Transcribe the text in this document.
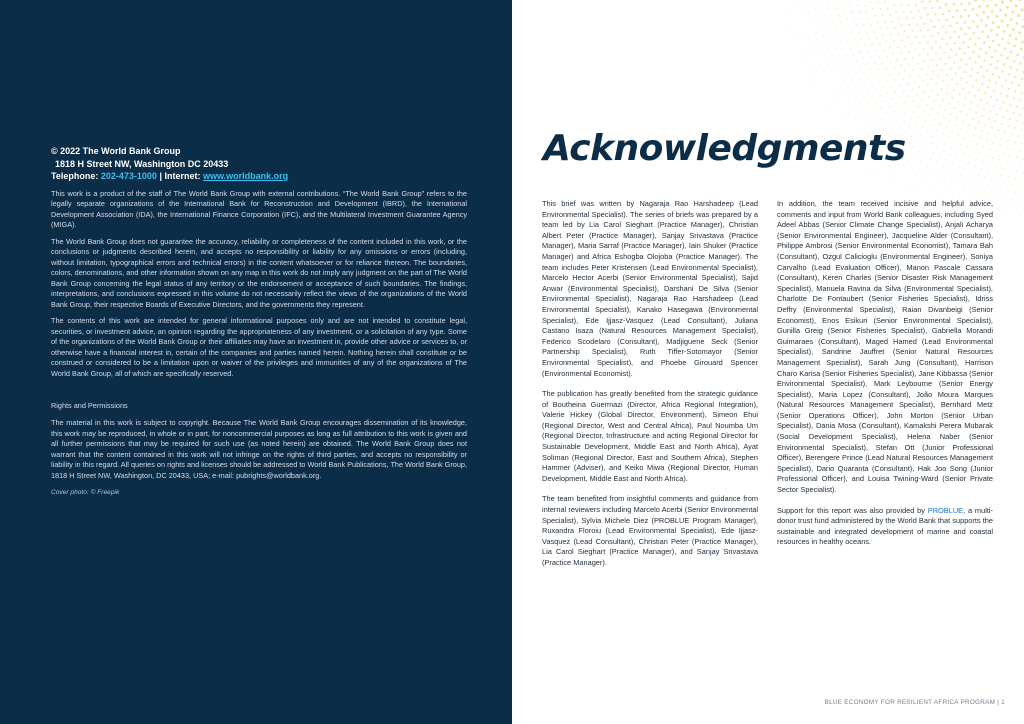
© 2022 The World Bank Group

1818 H Street NW, Washington DC 20433

Telephone: 202-473-1000 | Internet: www.worldbank.org

This work is a product of the staff of The World Bank Group with external contributions. “The World Bank Group” refers to the legally separate organizations of the International Bank for Reconstruction and Development (IBRD), the International Development Association (IDA), the International Finance Corporation (IFC), and the Multilateral Investment Guarantee Agency (MIGA).

The World Bank Group does not guarantee the accuracy, reliability or completeness of the content included in this work, or the conclusions or judgments described herein, and accepts no responsibility or liability for any omissions or errors (including, without limitation, typographical errors and technical errors) in the content whatsoever or for reliance thereon. The boundaries, colors, denominations, and other information shown on any map in this work do not imply any judgment on the part of The World Bank Group concerning the legal status of any territory or the endorsement or acceptance of such boundaries. The findings, interpretations, and conclusions expressed in this volume do not necessarily reflect the views of the organizations of the World Bank Group, their respective Boards of Executive Directors, and the governments they represent.

The contents of this work are intended for general informational purposes only and are not intended to constitute legal, securities, or investment advice, an opinion regarding the appropriateness of any investment, or a solicitation of any type. Some of the organizations of the World Bank Group or their affiliates may have an investment in, provide other advice or services to, or otherwise have a financial interest in, certain of the companies and parties named herein. Nothing herein shall constitute or be construed or considered to be a limitation upon or waiver of the privileges and immunities of any of the organizations of The World Bank Group, all of which are specifically reserved.

Rights and Permissions

The material in this work is subject to copyright. Because The World Bank Group encourages dissemination of its knowledge, this work may be reproduced, in whole or in part, for noncommercial purposes as long as full attribution to this work is given and all further permissions that may be required for such use (as noted herein) are obtained. The World Bank Group does not warrant that the content contained in this work will not infringe on the rights of third parties, and accepts no responsibility or liability in this regard. All queries on rights and licenses should be addressed to World Bank Publications, The World Bank Group, 1818 H Street NW, Washington, DC 20433, USA; e-mail: pubrights@worldbank.org.

Cover photo: © Freepik

Acknowledgments

This brief was written by Nagaraja Rao Harshadeep (Lead Environmental Specialist). The series of briefs was prepared by a team led by Lia Carol Sieghart (Practice Manager), Christian Albert Peter (Practice Manager), Sanjay Srivastava (Practice Manager), Maria Sarraf (Practice Manager), Iain Shuker (Practice Manager) and Africa Eshogba Olojoba (Practice Manager). The team includes Peter Kristensen (Lead Environmental Specialist), Marcelo Hector Acerbi (Senior Environmental Specialist), Sajid Anwar (Environmental Specialist), Darshani De Silva (Senior Environmental Specialist), Nagaraja Rao Harshadeep (Lead Environmental Specialist), Kanako Hasegawa (Environmental Specialist), Ede Ijjasz-Vasquez (Lead Consultant), Juliana Castano Isaza (Natural Resources Management Specialist), Federico Scodelaro (Consultant), Madjiguene Seck (Senior Partnership Specialist), Ruth Tiffer-Sotomayor (Senior Environmental Specialist), and Phoebe Girouard Spencer (Environmental Economist).

The publication has greatly benefited from the strategic guidance of Boutheina Guermazi (Director, Africa Regional Integration), Valerie Hickey (Global Director, Environment), Simeon Ehui (Regional Director, West and Central Africa), Paul Noumba Um (Regional Director, Infrastructure and acting Regional Director for Sustainable Development, Middle East and North Africa), Ayat Soliman (Regional Director, East and Southern Africa), Stephen Hammer (Adviser), and Keiko Miwa (Regional Director, Human Development, Middle East and North Africa).

The team benefited from insightful comments and guidance from internal reviewers including Marcelo Acerbi (Senior Environmental Specialist), Sylvia Michele Diez (PROBLUE Program Manager), Ruxandra Floroiu (Lead Environmental Specialist), Ede Ijjasz-Vasquez (Lead Consultant), Christian Peter (Practice Manager), Lia Carol Sieghart (Practice Manager), and Sanjay Srivastava (Practice Manager).

In addition, the team received incisive and helpful advice, comments and input from World Bank colleagues, including Syed Adeel Abbas (Senior Climate Change Specialist), Anjali Acharya (Senior Environmental Engineer), Jacqueline Alder (Consultant), Philippe Ambrosi (Senior Environmental Economist), Tamara Bah (Consultant), Ozgul Calicioglu (Environmental Engineer), Soniya Carvalho (Lead Evaluation Officer), Manon Pascale Cassara (Consultant), Keren Charles (Senior Disaster Risk Management Specialist), Manuela Ravina da Silva (Environmental Specialist), Charlotte De Fontaubert (Senior Fisheries Specialist), Idriss Deffry (Environmental Specialist), Raian Divanbeigi (Senior Economist), Enos Esikuri (Senior Environmental Specialist), Gunilla Greig (Senior Fisheries Specialist), Gabriella Morandi Guimaraes (Consultant), Maged Hamed (Lead Environmental Specialist), Sandrine Jauffret (Senior Natural Resources Management Specialist), Sarah Jung (Consultant), Harrison Charo Karisa (Senior Fisheries Specialist), Jane Kibbassa (Senior Environmental Specialist), Mark Leybourne (Senior Energy Specialist), Maria Lopez (Consultant), João Moura Marques (Natural Resources Management Specialist), Bernhard Metz (Senior Operations Officer), John Morton (Senior Urban Specialist), Dania Mosa (Consultant), Kamakshi Perera Mubarak (Social Development Specialist), Helena Naber (Senior Environmental Specialist), Stefan Ott (Junior Professional Officer), Berengere Prince (Lead Natural Resources Management Specialist), Dario Quaranta (Consultant), Hak Joo Song (Junior Professional Officer), and Louisa Twining-Ward (Senior Private Sector Specialist).

Support for this report was also provided by PROBLUE, a multi-donor trust fund administered by the World Bank that supports the sustainable and integrated development of marine and coastal resources in healthy oceans.

BLUE ECONOMY FOR RESILIENT AFRICA PROGRAM | 1
